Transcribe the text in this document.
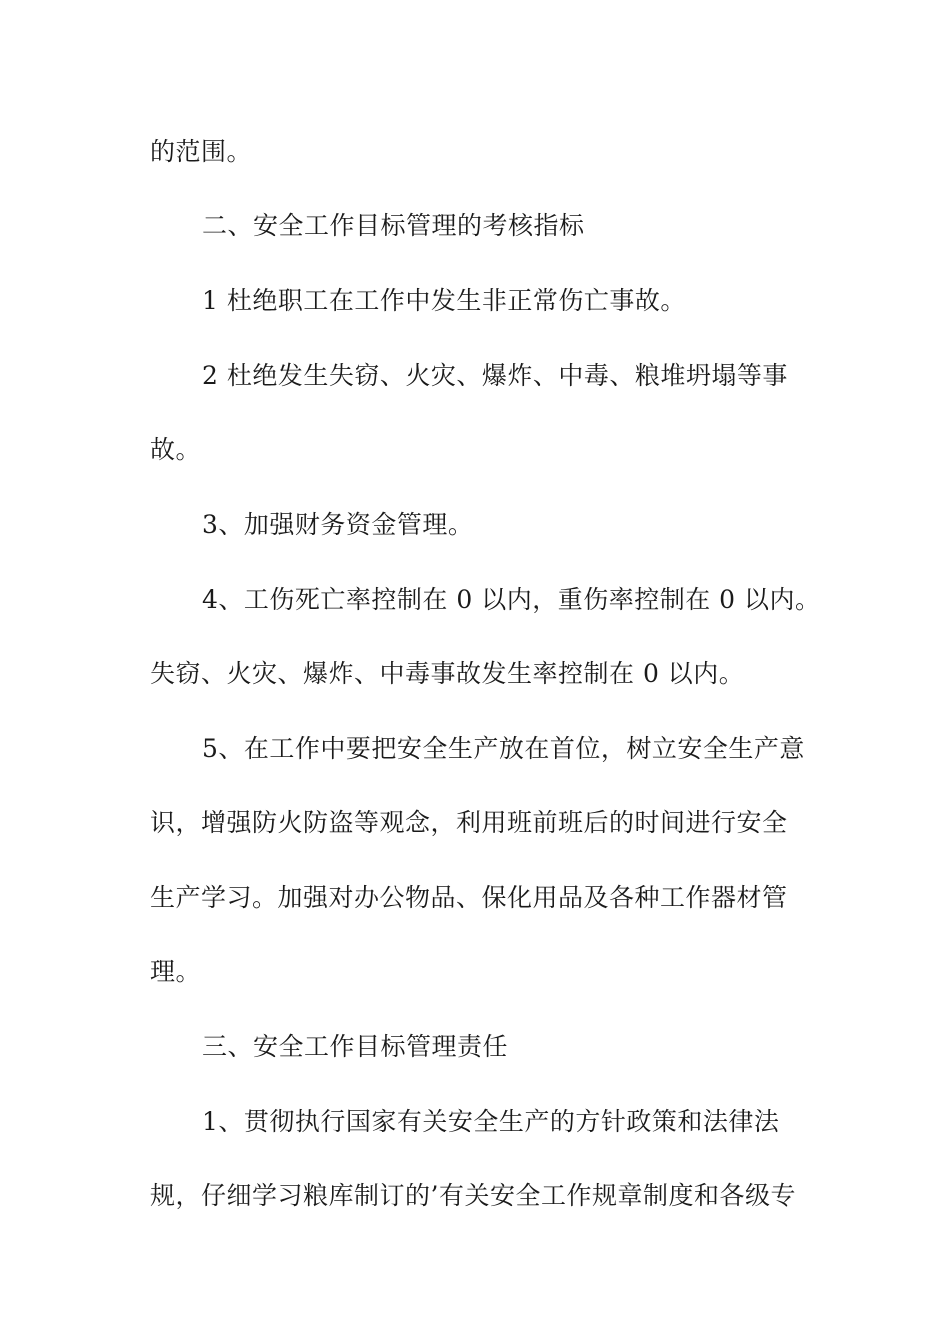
的范围。
二、安全工作目标管理的考核指标
1 杜绝职工在工作中发生非正常伤亡事故。
2 杜绝发生失窃、火灾、爆炸、中毒、粮堆坍塌等事
故。
3、加强财务资金管理。
4、工伤死亡率控制在 0 以内，重伤率控制在 0 以内。
失窃、火灾、爆炸、中毒事故发生率控制在 0 以内。
5、在工作中要把安全生产放在首位，树立安全生产意
识，增强防火防盗等观念，利用班前班后的时间进行安全
生产学习。加强对办公物品、保化用品及各种工作器材管
理。
三、安全工作目标管理责任
1、贯彻执行国家有关安全生产的方针政策和法律法
规，仔细学习粮库制订的’有关安全工作规章制度和各级专
